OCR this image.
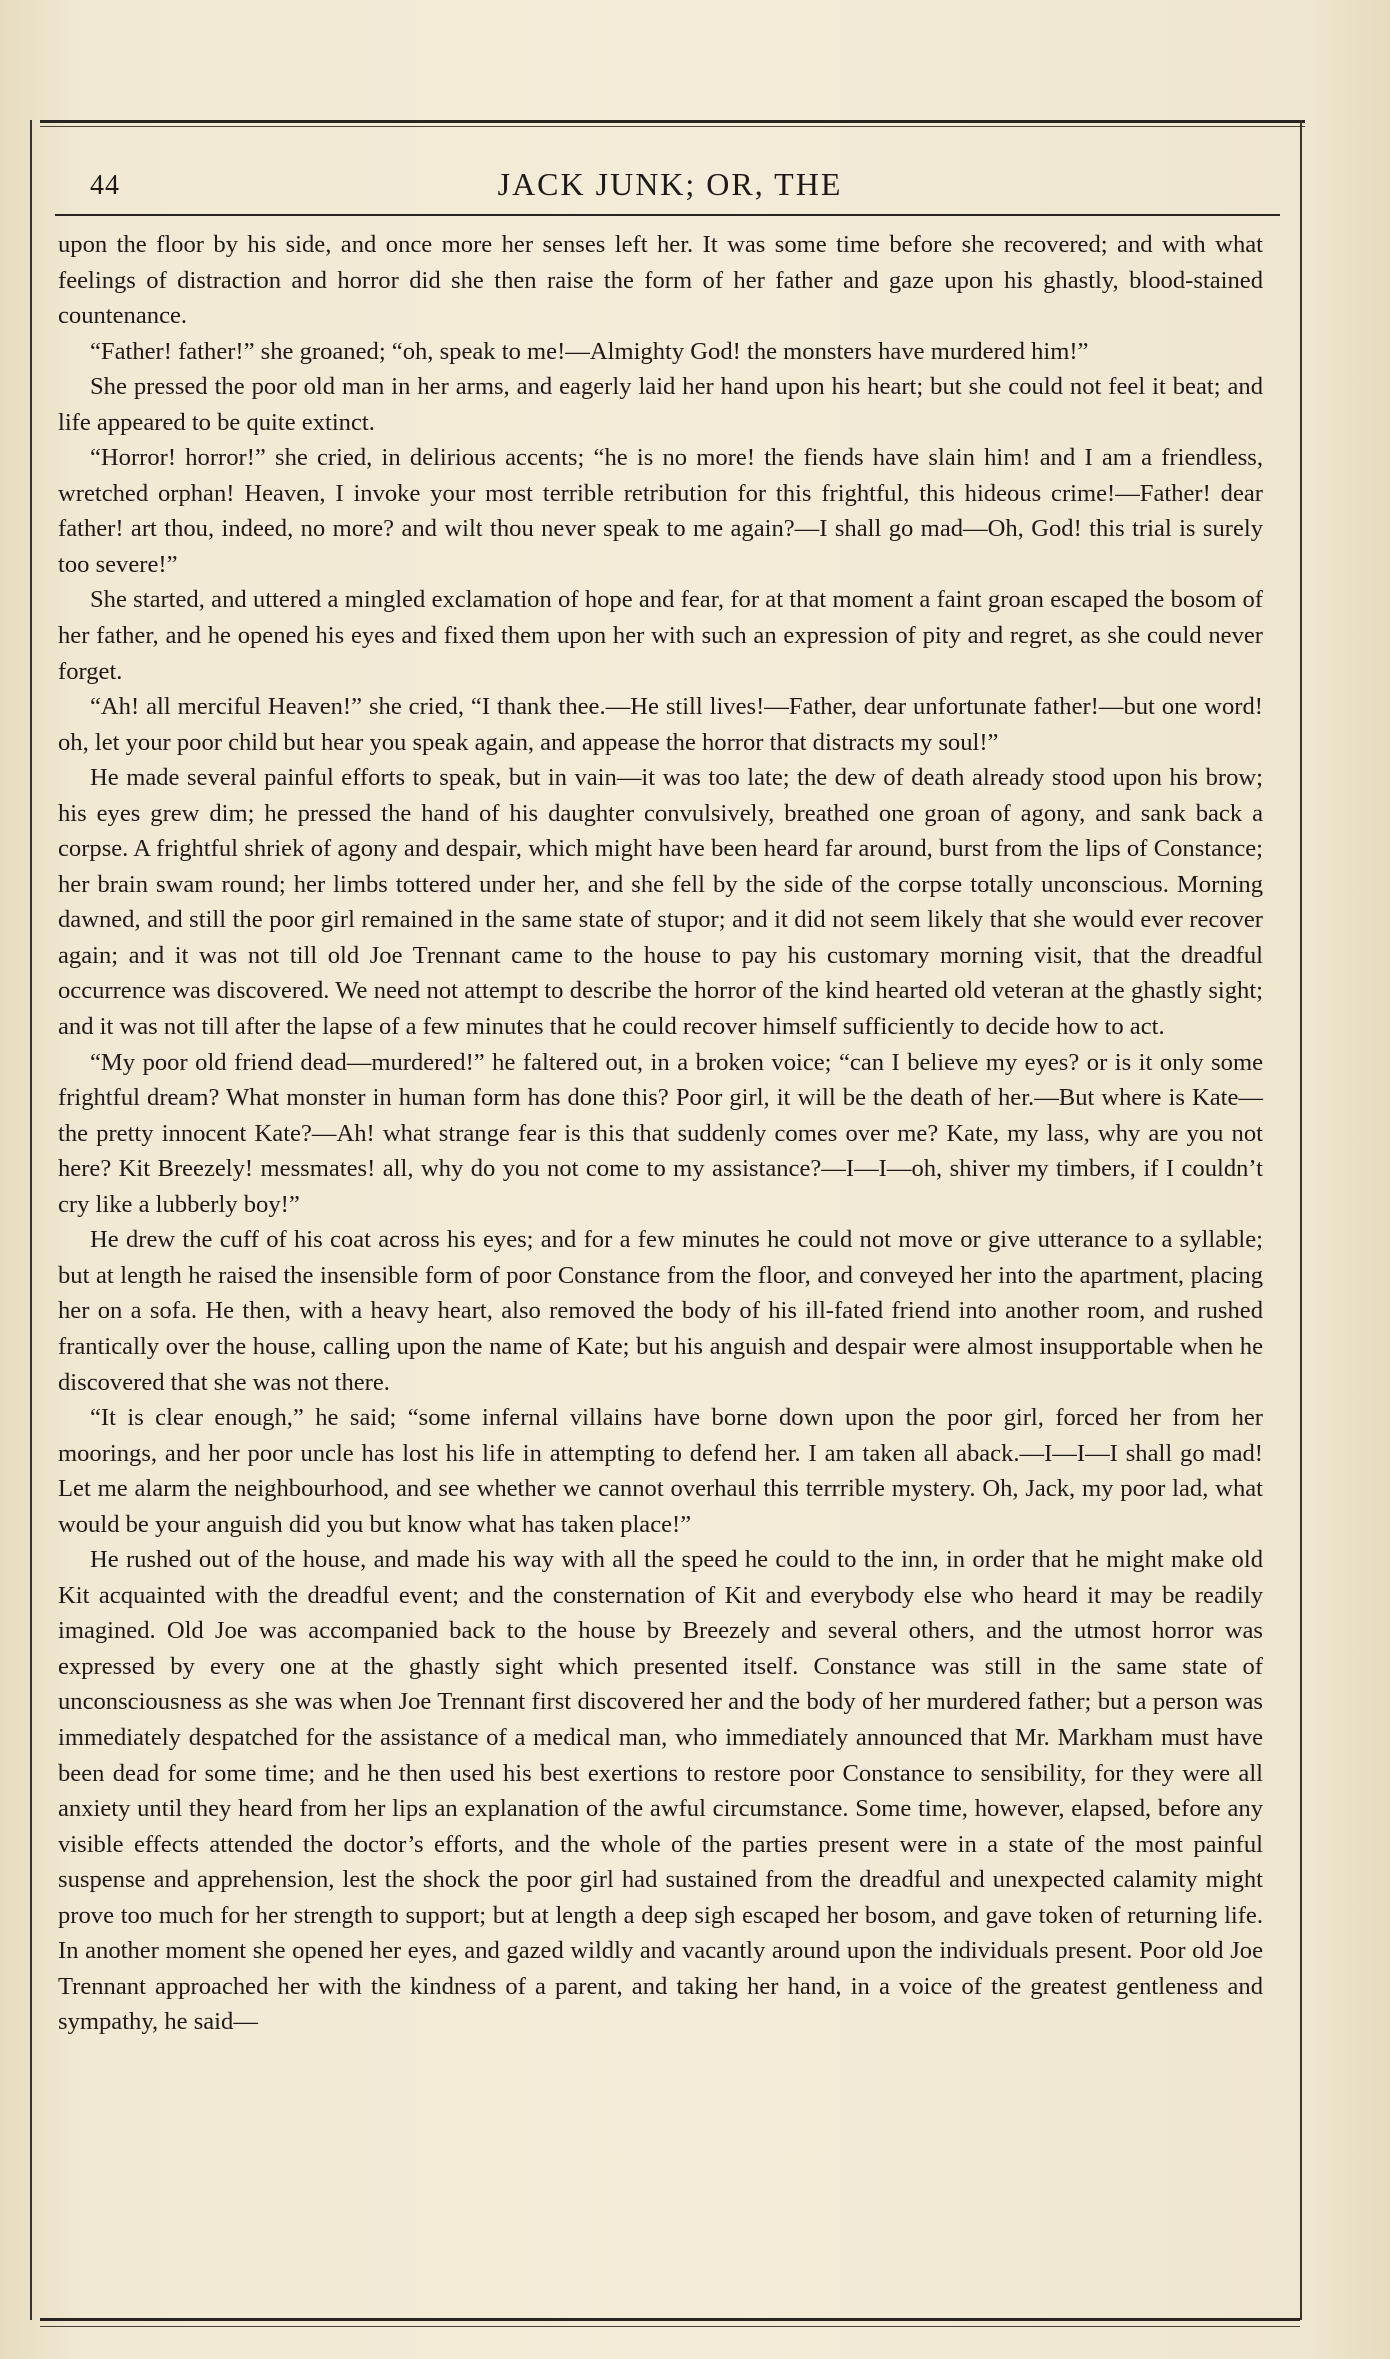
44	JACK JUNK; OR, THE

upon the floor by his side, and once more her senses left her. It was some time before she recovered; and with what feelings of distraction and horror did she then raise the form of her father and gaze upon his ghastly, blood-stained countenance.

“Father! father!” she groaned; “oh, speak to me!—Almighty God! the monsters have murdered him!”

She pressed the poor old man in her arms, and eagerly laid her hand upon his heart; but she could not feel it beat; and life appeared to be quite extinct.

“Horror! horror!” she cried, in delirious accents; “he is no more! the fiends have slain him! and I am a friendless, wretched orphan! Heaven, I invoke your most terrible retribution for this frightful, this hideous crime!—Father! dear father! art thou, indeed, no more? and wilt thou never speak to me again?—I shall go mad—Oh, God! this trial is surely too severe!”

She started, and uttered a mingled exclamation of hope and fear, for at that moment a faint groan escaped the bosom of her father, and he opened his eyes and fixed them upon her with such an expression of pity and regret, as she could never forget.

“Ah! all merciful Heaven!” she cried, “I thank thee.—He still lives!—Father, dear unfortunate father!—but one word! oh, let your poor child but hear you speak again, and appease the horror that distracts my soul!”

He made several painful efforts to speak, but in vain—it was too late; the dew of death already stood upon his brow; his eyes grew dim; he pressed the hand of his daughter convulsively, breathed one groan of agony, and sank back a corpse. A frightful shriek of agony and despair, which might have been heard far around, burst from the lips of Constance; her brain swam round; her limbs tottered under her, and she fell by the side of the corpse totally unconscious. Morning dawned, and still the poor girl remained in the same state of stupor; and it did not seem likely that she would ever recover again; and it was not till old Joe Trennant came to the house to pay his customary morning visit, that the dreadful occurrence was discovered. We need not attempt to describe the horror of the kind hearted old veteran at the ghastly sight; and it was not till after the lapse of a few minutes that he could recover himself sufficiently to decide how to act.

“My poor old friend dead—murdered!” he faltered out, in a broken voice; “can I believe my eyes? or is it only some frightful dream? What monster in human form has done this? Poor girl, it will be the death of her.—But where is Kate—the pretty innocent Kate?—Ah! what strange fear is this that suddenly comes over me? Kate, my lass, why are you not here? Kit Breezely! messmates! all, why do you not come to my assistance?—I—I—oh, shiver my timbers, if I couldn’t cry like a lubberly boy!”

He drew the cuff of his coat across his eyes; and for a few minutes he could not move or give utterance to a syllable; but at length he raised the insensible form of poor Constance from the floor, and conveyed her into the apartment, placing her on a sofa. He then, with a heavy heart, also removed the body of his ill-fated friend into another room, and rushed frantically over the house, calling upon the name of Kate; but his anguish and despair were almost insupportable when he discovered that she was not there.

“It is clear enough,” he said; “some infernal villains have borne down upon the poor girl, forced her from her moorings, and her poor uncle has lost his life in attempting to defend her. I am taken all aback.—I—I—I shall go mad! Let me alarm the neighbourhood, and see whether we cannot overhaul this terrrible mystery. Oh, Jack, my poor lad, what would be your anguish did you but know what has taken place!”

He rushed out of the house, and made his way with all the speed he could to the inn, in order that he might make old Kit acquainted with the dreadful event; and the consternation of Kit and everybody else who heard it may be readily imagined. Old Joe was accompanied back to the house by Breezely and several others, and the utmost horror was expressed by every one at the ghastly sight which presented itself. Constance was still in the same state of unconsciousness as she was when Joe Trennant first discovered her and the body of her murdered father; but a person was immediately despatched for the assistance of a medical man, who immediately announced that Mr. Markham must have been dead for some time; and he then used his best exertions to restore poor Constance to sensibility, for they were all anxiety until they heard from her lips an explanation of the awful circumstance. Some time, however, elapsed, before any visible effects attended the doctor’s efforts, and the whole of the parties present were in a state of the most painful suspense and apprehension, lest the shock the poor girl had sustained from the dreadful and unexpected calamity might prove too much for her strength to support; but at length a deep sigh escaped her bosom, and gave token of returning life. In another moment she opened her eyes, and gazed wildly and vacantly around upon the individuals present. Poor old Joe Trennant approached her with the kindness of a parent, and taking her hand, in a voice of the greatest gentleness and sympathy, he said—
